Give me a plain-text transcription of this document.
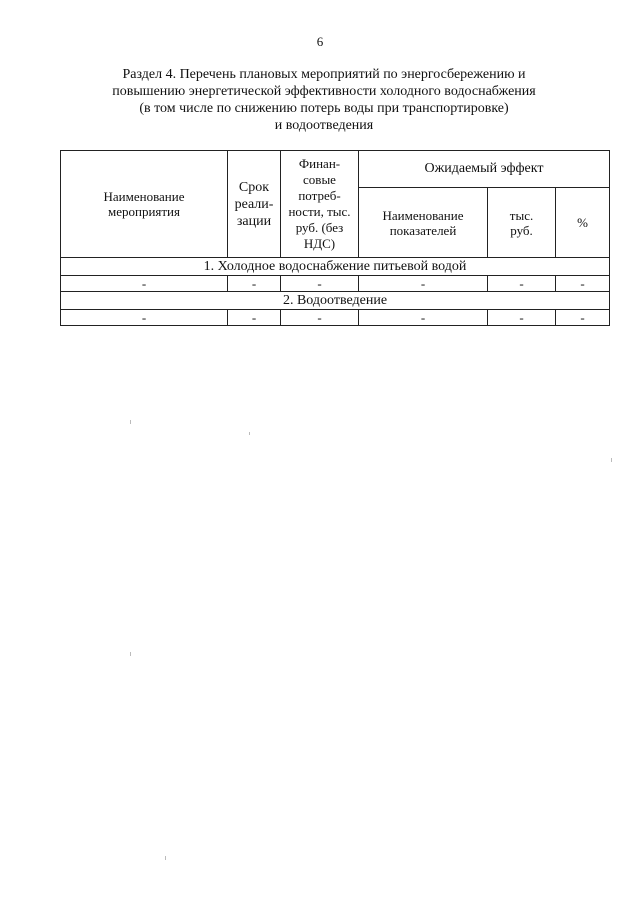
6
Раздел 4. Перечень плановых мероприятий по энергосбережению и
повышению энергетической эффективности холодного водоснабжения
(в том числе по снижению потерь воды при транспортировке)
и водоотведения
Наименование мероприятия	Срок реали-зации	Финан-совые потреб-ности, тыс. руб. (без НДС)	Ожидаемый эффект		

			Наименование показателей	тыс. руб.	%
1. Холодное водоснабжение питьевой водой					
-	-	-	-	-	-
2. Водоотведение					
-	-	-	-	-	-
